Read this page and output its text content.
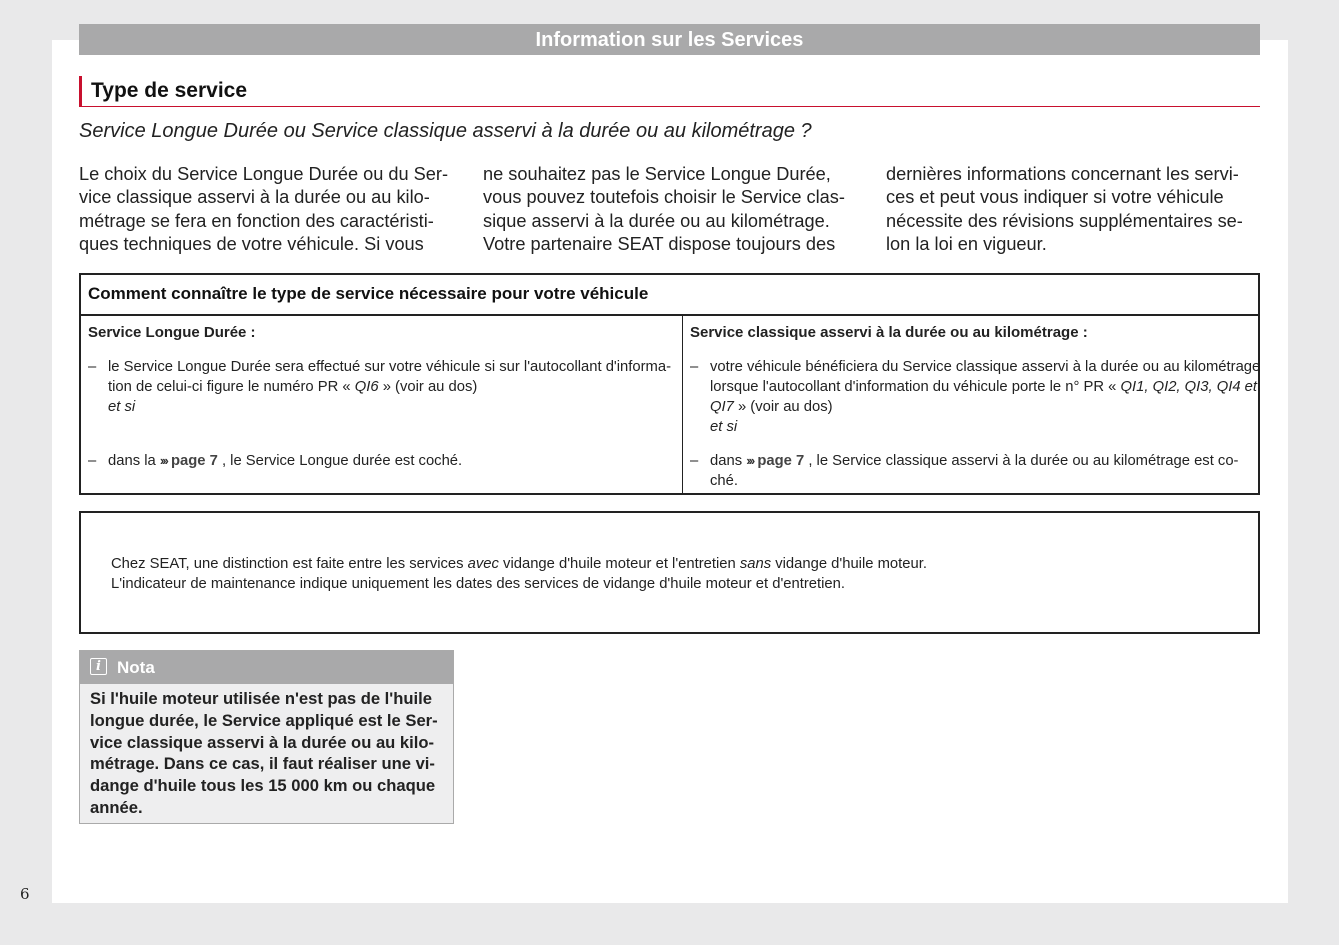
Information sur les Services
Type de service
Service Longue Durée ou Service classique asservi à la durée ou au kilométrage ?
Le choix du Service Longue Durée ou du Ser-
vice classique asservi à la durée ou au kilo-
métrage se fera en fonction des caractéristi-
ques techniques de votre véhicule. Si vous
ne souhaitez pas le Service Longue Durée,
vous pouvez toutefois choisir le Service clas-
sique asservi à la durée ou au kilométrage.
Votre partenaire SEAT dispose toujours des
dernières informations concernant les servi-
ces et peut vous indiquer si votre véhicule
nécessite des révisions supplémentaires se-
lon la loi en vigueur.
Comment connaître le type de service nécessaire pour votre véhicule
Service Longue Durée :
– le Service Longue Durée sera effectué sur votre véhicule si sur l'autocollant d'informa-
tion de celui-ci figure le numéro PR « QI6 » (voir au dos)
et si
– dans la ››› page 7 , le Service Longue durée est coché.
Service classique asservi à la durée ou au kilométrage :
– votre véhicule bénéficiera du Service classique asservi à la durée ou au kilométrage
lorsque l'autocollant d'information du véhicule porte le n° PR « QI1, QI2, QI3, QI4 et
QI7 » (voir au dos)
et si
– dans ››› page 7 , le Service classique asservi à la durée ou au kilométrage est co-
ché.
Chez SEAT, une distinction est faite entre les services avec vidange d'huile moteur et l'entretien sans vidange d'huile moteur.
L'indicateur de maintenance indique uniquement les dates des services de vidange d'huile moteur et d'entretien.
i Nota
Si l'huile moteur utilisée n'est pas de l'huile
longue durée, le Service appliqué est le Ser-
vice classique asservi à la durée ou au kilo-
métrage. Dans ce cas, il faut réaliser une vi-
dange d'huile tous les 15 000 km ou chaque
année.
6
